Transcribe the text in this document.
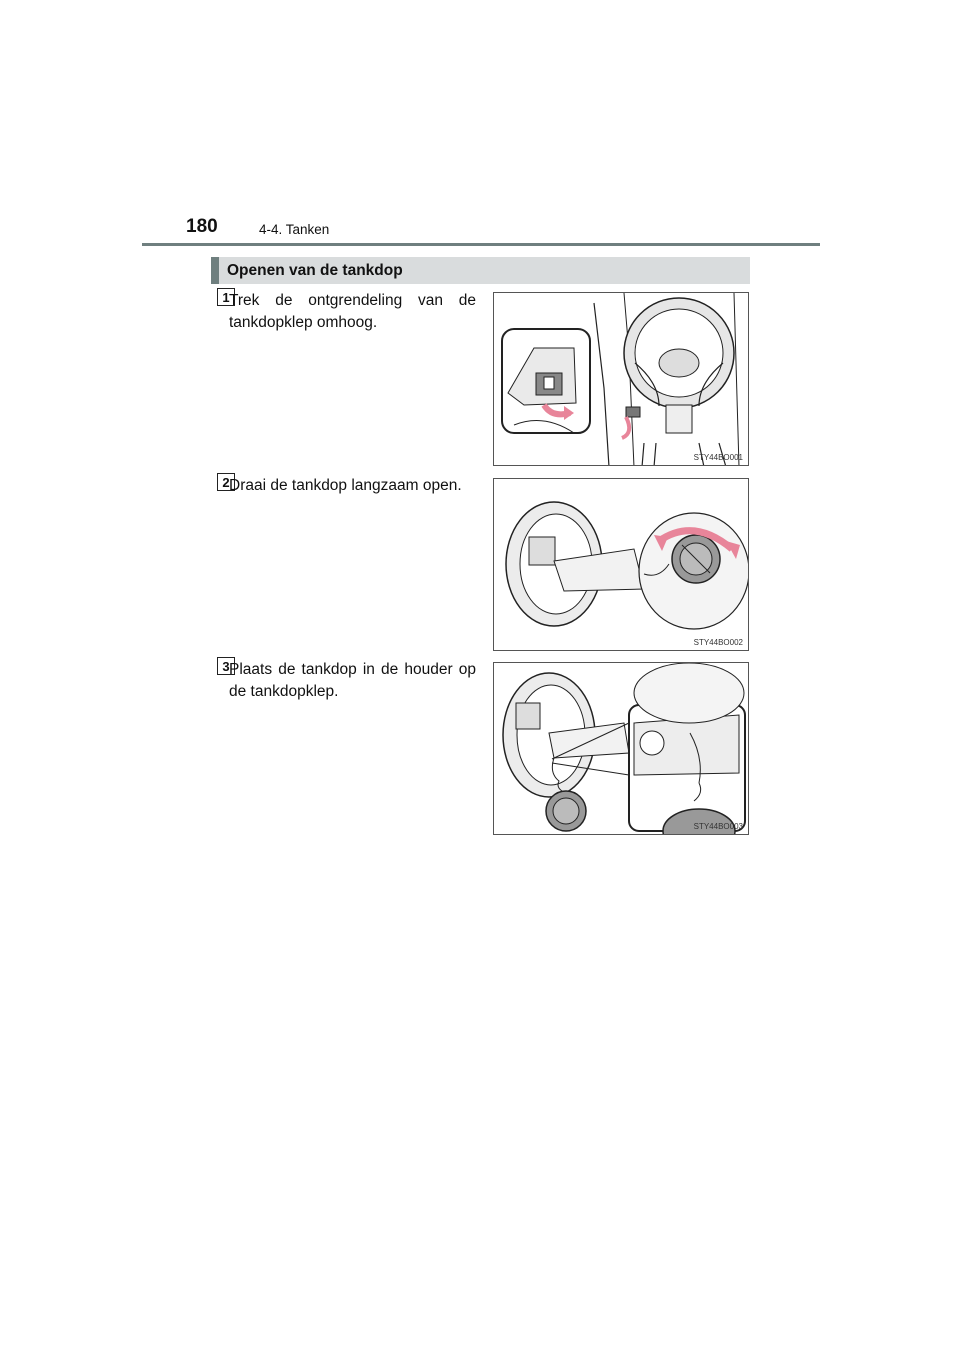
180	4-4. Tanken
Openen van de tankdop
1 Trek de ontgrendeling van de tankdopklep omhoog.
STY44BO001
2 Draai de tankdop langzaam open.
STY44BO002
3 Plaats de tankdop in de houder op de tankdopklep.
STY44BO003
